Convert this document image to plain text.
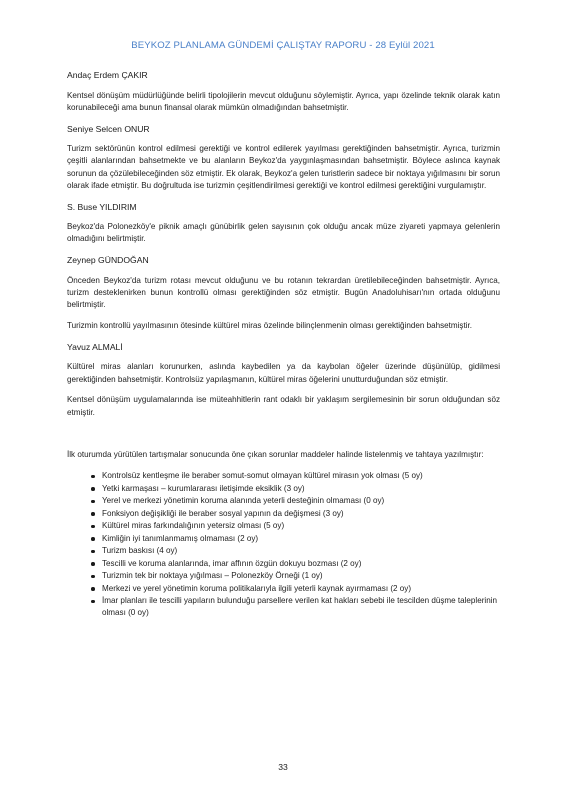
BEYKOZ PLANLAMA GÜNDEMİ ÇALIŞTAY RAPORU - 28 Eylül 2021
Andaç Erdem ÇAKIR

Kentsel dönüşüm müdürlüğünde belirli tipolojilerin mevcut olduğunu söylemiştir. Ayrıca, yapı özelinde teknik olarak katın korunabileceği ama bunun finansal olarak mümkün olmadığından bahsetmiştir.

Seniye Selcen ONUR

Turizm sektörünün kontrol edilmesi gerektiği ve kontrol edilerek yayılması gerektiğinden bahsetmiştir. Ayrıca, turizmin çeşitli alanlarından bahsetmekte ve bu alanların Beykoz'da yaygınlaşmasından bahsetmiştir. Böylece aslınca kaynak sorunun da çözülebileceğinden söz etmiştir. Ek olarak, Beykoz'a gelen turistlerin sadece bir noktaya yığılmasını bir sorun olarak ifade etmiştir. Bu doğrultuda ise turizmin çeşitlendirilmesi gerektiği ve kontrol edilmesi gerektiğini vurgulamıştır.

S. Buse YILDIRIM

Beykoz'da Polonezköy'e piknik amaçlı günübirlik gelen sayısının çok olduğu ancak müze ziyareti yapmaya gelenlerin olmadığını belirtmiştir.

Zeynep GÜNDOĞAN

Önceden Beykoz'da turizm rotası mevcut olduğunu ve bu rotanın tekrardan üretilebileceğinden bahsetmiştir. Ayrıca, turizm desteklenirken bunun kontrollü olması gerektiğinden söz etmiştir. Bugün Anadoluhisarı'nın ortada olduğunu belirtmiştir.

Turizmin kontrollü yayılmasının ötesinde kültürel miras özelinde bilinçlenmenin olması gerektiğinden bahsetmiştir.

Yavuz ALMALİ

Kültürel miras alanları korunurken, aslında kaybedilen ya da kaybolan öğeler üzerinde düşünülüp, gidilmesi gerektiğinden bahsetmiştir. Kontrolsüz yapılaşmanın, kültürel miras öğelerini unutturduğundan söz etmiştir.

Kentsel dönüşüm uygulamalarında ise müteahhitlerin rant odaklı bir yaklaşım sergilemesinin bir sorun olduğundan söz etmiştir.

İlk oturumda yürütülen tartışmalar sonucunda öne çıkan sorunlar maddeler halinde listelenmiş ve tahtaya yazılmıştır:

Kontrolsüz kentleşme ile beraber somut-somut olmayan kültürel mirasın yok olması (5 oy)
Yetki karmaşası – kurumlararası iletişimde eksiklik (3 oy)
Yerel ve merkezi yönetimin koruma alanında yeterli desteğinin olmaması (0 oy)
Fonksiyon değişikliği ile beraber sosyal yapının da değişmesi (3 oy)
Kültürel miras farkındalığının yetersiz olması (5 oy)
Kimliğin iyi tanımlanmamış olmaması (2 oy)
Turizm baskısı (4 oy)
Tescilli ve koruma alanlarında, imar affının özgün dokuyu bozması (2 oy)
Turizmin tek bir noktaya yığılması – Polonezköy Örneği (1 oy)
Merkezi ve yerel yönetimin koruma politikalarıyla ilgili yeterli kaynak ayırmaması (2 oy)
İmar planları ile tescilli yapıların bulunduğu parsellere verilen kat hakları sebebi ile tescilden düşme taleplerinin olması (0 oy)
33
